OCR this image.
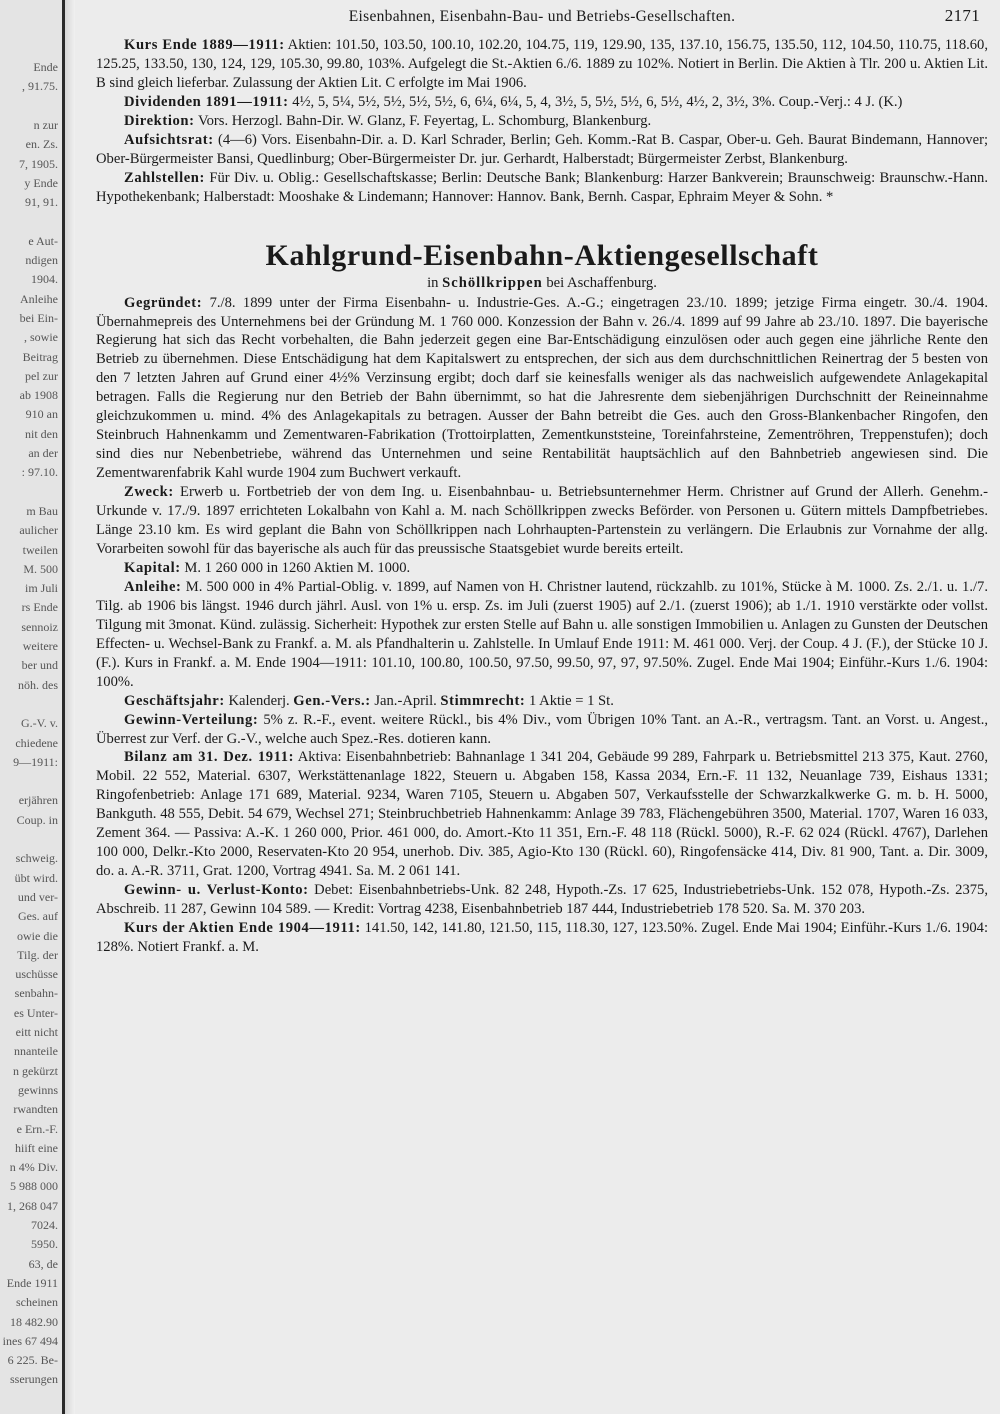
Ende
, 91.75.
n zur
en. Zs.
7, 1905.
y Ende
91, 91.
e Aut-
ndigen
1904.
Anleihe
bei Ein-
, sowie
Beitrag
pel zur
ab 1908
910 an
nit den
an der
: 97.10.
m Bau
aulicher
tweilen
M. 500
im Juli
rs Ende
sennoiz
weitere
ber und
nöh. des
G.-V. v.
chiedene
9—1911:
erjähren
Coup. in
schweig.
übt wird.
und ver-
Ges. auf
owie die
Tilg. der
uschüsse
senbahn-
es Unter-
eitt nicht
nnanteile
n gekürzt
gewinns
rwandten
e Ern.-F.
hiift eine
n 4% Div.
5 988 000
1, 268 047
7024.
5950.
63, de
Ende 1911
scheinen
18 482.90
ines 67 494
6 225. Be-
sserungen
Eisenbahnen, Eisenbahn-Bau- und Betriebs-Gesellschaften.	2171

Kurs Ende 1889—1911: Aktien: 101.50, 103.50, 100.10, 102.20, 104.75, 119, 129.90, 135, 137.10, 156.75, 135.50, 112, 104.50, 110.75, 118.60, 125.25, 133.50, 130, 124, 129, 105.30, 99.80, 103%. Aufgelegt die St.-Aktien 6./6. 1889 zu 102%. Notiert in Berlin. Die Aktien à Tlr. 200 u. Aktien Lit. B sind gleich lieferbar. Zulassung der Aktien Lit. C erfolgte im Mai 1906.

Dividenden 1891—1911: 4½, 5, 5¼, 5½, 5½, 5½, 5½, 6, 6¼, 6¼, 5, 4, 3½, 5, 5½, 5½, 6, 5½, 4½, 2, 3½, 3%. Coup.-Verj.: 4 J. (K.)

Direktion: Vors. Herzogl. Bahn-Dir. W. Glanz, F. Feyertag, L. Schomburg, Blankenburg.

Aufsichtsrat: (4—6) Vors. Eisenbahn-Dir. a. D. Karl Schrader, Berlin; Geh. Komm.-Rat B. Caspar, Ober-u. Geh. Baurat Bindemann, Hannover; Ober-Bürgermeister Bansi, Quedlinburg; Ober-Bürgermeister Dr. jur. Gerhardt, Halberstadt; Bürgermeister Zerbst, Blankenburg.

Zahlstellen: Für Div. u. Oblig.: Gesellschaftskasse; Berlin: Deutsche Bank; Blankenburg: Harzer Bankverein; Braunschweig: Braunschw.-Hann. Hypothekenbank; Halberstadt: Mooshake & Lindemann; Hannover: Hannov. Bank, Bernh. Caspar, Ephraim Meyer & Sohn. *

Kahlgrund-Eisenbahn-Aktiengesellschaft
in Schöllkrippen bei Aschaffenburg.

Gegründet: 7./8. 1899 unter der Firma Eisenbahn- u. Industrie-Ges. A.-G.; eingetragen 23./10. 1899; jetzige Firma eingetr. 30./4. 1904. Übernahmepreis des Unternehmens bei der Gründung M. 1 760 000. Konzession der Bahn v. 26./4. 1899 auf 99 Jahre ab 23./10. 1897. Die bayerische Regierung hat sich das Recht vorbehalten, die Bahn jederzeit gegen eine Bar-Entschädigung einzulösen oder auch gegen eine jährliche Rente den Betrieb zu übernehmen. Diese Entschädigung hat dem Kapitalswert zu entsprechen, der sich aus dem durchschnittlichen Reinertrag der 5 besten von den 7 letzten Jahren auf Grund einer 4½% Verzinsung ergibt; doch darf sie keinesfalls weniger als das nachweislich aufgewendete Anlagekapital betragen. Falls die Regierung nur den Betrieb der Bahn übernimmt, so hat die Jahresrente dem siebenjährigen Durchschnitt der Reineinnahme gleichzukommen u. mind. 4% des Anlagekapitals zu betragen. Ausser der Bahn betreibt die Ges. auch den Gross-Blankenbacher Ringofen, den Steinbruch Hahnenkamm und Zementwaren-Fabrikation (Trottoirplatten, Zementkunststeine, Toreinfahrsteine, Zementröhren, Treppenstufen); doch sind dies nur Nebenbetriebe, während das Unternehmen und seine Rentabilität hauptsächlich auf den Bahnbetrieb angewiesen sind. Die Zementwarenfabrik Kahl wurde 1904 zum Buchwert verkauft.

Zweck: Erwerb u. Fortbetrieb der von dem Ing. u. Eisenbahnbau- u. Betriebsunternehmer Herm. Christner auf Grund der Allerh. Genehm.-Urkunde v. 17./9. 1897 errichteten Lokalbahn von Kahl a. M. nach Schöllkrippen zwecks Beförder. von Personen u. Gütern mittels Dampfbetriebes. Länge 23.10 km. Es wird geplant die Bahn von Schöllkrippen nach Lohrhaupten-Partenstein zu verlängern. Die Erlaubnis zur Vornahme der allg. Vorarbeiten sowohl für das bayerische als auch für das preussische Staatsgebiet wurde bereits erteilt.

Kapital: M. 1 260 000 in 1260 Aktien M. 1000.

Anleihe: M. 500 000 in 4% Partial-Oblig. v. 1899, auf Namen von H. Christner lautend, rückzahlb. zu 101%, Stücke à M. 1000. Zs. 2./1. u. 1./7. Tilg. ab 1906 bis längst. 1946 durch jährl. Ausl. von 1% u. ersp. Zs. im Juli (zuerst 1905) auf 2./1. (zuerst 1906); ab 1./1. 1910 verstärkte oder vollst. Tilgung mit 3monat. Künd. zulässig. Sicherheit: Hypothek zur ersten Stelle auf Bahn u. alle sonstigen Immobilien u. Anlagen zu Gunsten der Deutschen Effecten- u. Wechsel-Bank zu Frankf. a. M. als Pfandhalterin u. Zahlstelle. In Umlauf Ende 1911: M. 461 000. Verj. der Coup. 4 J. (F.), der Stücke 10 J. (F.). Kurs in Frankf. a. M. Ende 1904—1911: 101.10, 100.80, 100.50, 97.50, 99.50, 97, 97, 97.50%. Zugel. Ende Mai 1904; Einführ.-Kurs 1./6. 1904: 100%.

Geschäftsjahr: Kalenderj. Gen.-Vers.: Jan.-April. Stimmrecht: 1 Aktie = 1 St.

Gewinn-Verteilung: 5% z. R.-F., event. weitere Rückl., bis 4% Div., vom Übrigen 10% Tant. an A.-R., vertragsm. Tant. an Vorst. u. Angest., Überrest zur Verf. der G.-V., welche auch Spez.-Res. dotieren kann.

Bilanz am 31. Dez. 1911: Aktiva: Eisenbahnbetrieb: Bahnanlage 1 341 204, Gebäude 99 289, Fahrpark u. Betriebsmittel 213 375, Kaut. 2760, Mobil. 22 552, Material. 6307, Werkstättenanlage 1822, Steuern u. Abgaben 158, Kassa 2034, Ern.-F. 11 132, Neuanlage 739, Eishaus 1331; Ringofenbetrieb: Anlage 171 689, Material. 9234, Waren 7105, Steuern u. Abgaben 507, Verkaufsstelle der Schwarzkalkwerke G. m. b. H. 5000, Bankguth. 48 555, Debit. 54 679, Wechsel 271; Steinbruchbetrieb Hahnenkamm: Anlage 39 783, Flächengebühren 3500, Material. 1707, Waren 16 033, Zement 364. — Passiva: A.-K. 1 260 000, Prior. 461 000, do. Amort.-Kto 11 351, Ern.-F. 48 118 (Rückl. 5000), R.-F. 62 024 (Rückl. 4767), Darlehen 100 000, Delkr.-Kto 2000, Reservaten-Kto 20 954, unerhob. Div. 385, Agio-Kto 130 (Rückl. 60), Ringofensäcke 414, Div. 81 900, Tant. a. Dir. 3009, do. a. A.-R. 3711, Grat. 1200, Vortrag 4941. Sa. M. 2 061 141.

Gewinn- u. Verlust-Konto: Debet: Eisenbahnbetriebs-Unk. 82 248, Hypoth.-Zs. 17 625, Industriebetriebs-Unk. 152 078, Hypoth.-Zs. 2375, Abschreib. 11 287, Gewinn 104 589. — Kredit: Vortrag 4238, Eisenbahnbetrieb 187 444, Industriebetrieb 178 520. Sa. M. 370 203.

Kurs der Aktien Ende 1904—1911: 141.50, 142, 141.80, 121.50, 115, 118.30, 127, 123.50%. Zugel. Ende Mai 1904; Einführ.-Kurs 1./6. 1904: 128%. Notiert Frankf. a. M.
